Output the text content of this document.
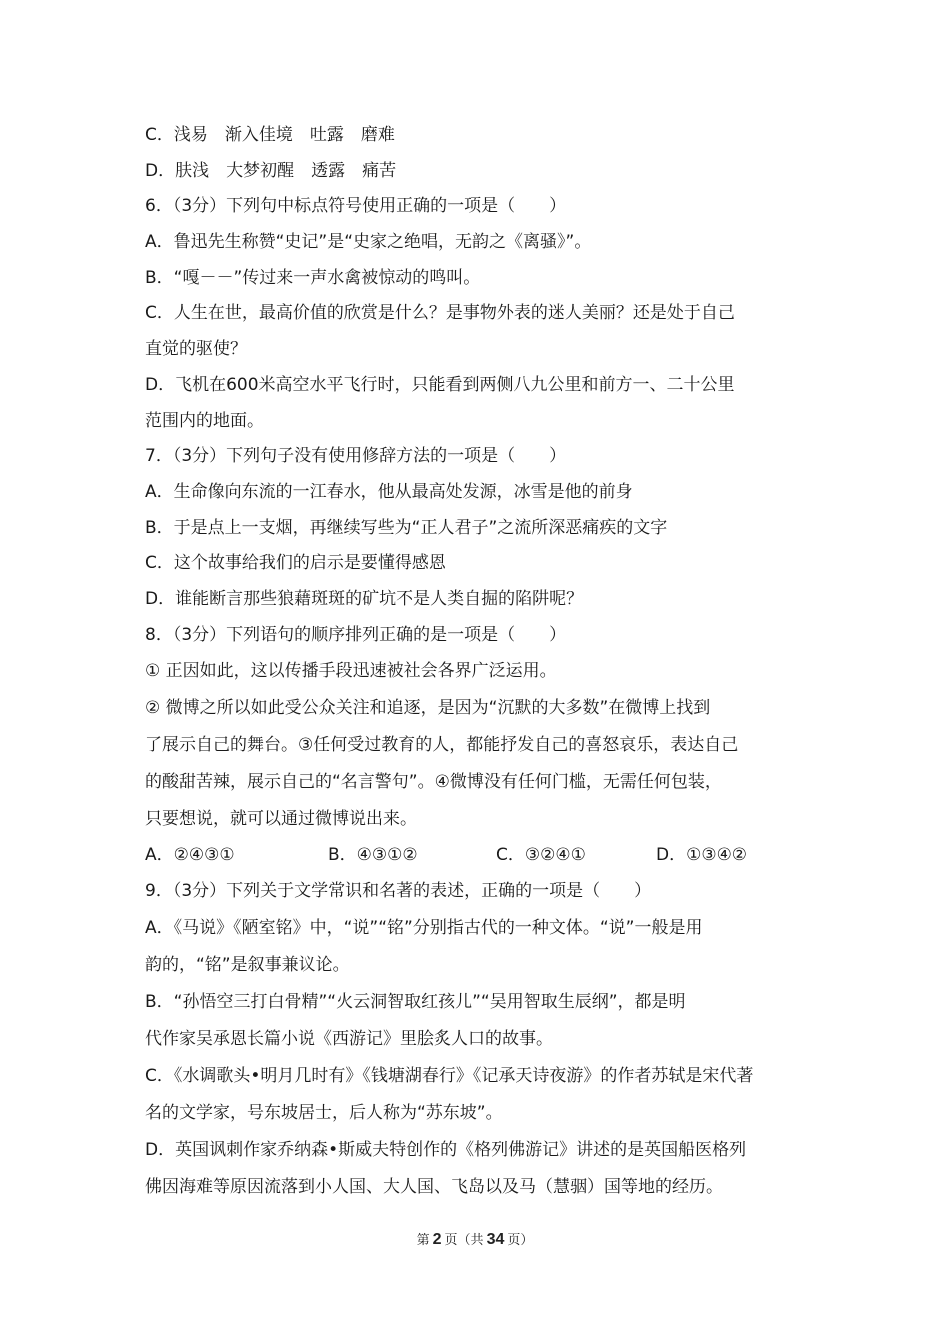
C．浅易　渐入佳境　吐露　磨难
D．肤浅　大梦初醒　透露　痛苦
6．（3分）下列句中标点符号使用正确的一项是（　　）
A．鲁迅先生称赞“史记”是“史家之绝唱，无韵之《离骚》”。
B．“嘎－－”传过来一声水禽被惊动的鸣叫。
C．人生在世，最高价值的欣赏是什么？是事物外表的迷人美丽？还是处于自己
直觉的驱使？
D．飞机在600米高空水平飞行时，只能看到两侧八九公里和前方一、二十公里
范围内的地面。
7．（3分）下列句子没有使用修辞方法的一项是（　　）
A．生命像向东流的一江春水，他从最高处发源，冰雪是他的前身
B．于是点上一支烟，再继续写些为“正人君子”之流所深恶痛疾的文字
C．这个故事给我们的启示是要懂得感恩
D．谁能断言那些狼藉斑斑的矿坑不是人类自掘的陷阱呢？
8．（3分）下列语句的顺序排列正确的是一项是（　　）
① 正因如此，这以传播手段迅速被社会各界广泛运用。
② 微博之所以如此受公众关注和追逐，是因为“沉默的大多数”在微博上找到
了展示自己的舞台。③任何受过教育的人，都能抒发自己的喜怒哀乐，表达自己
的酸甜苦辣，展示自己的“名言警句”。④微博没有任何门槛，无需任何包装，
只要想说，就可以通过微博说出来。
A．②④③①	B．④③①②	C．③②④①	D．①③④②
9．（3分）下列关于文学常识和名著的表述，正确的一项是（　　）
A．《马说》《陋室铭》中，“说”“铭”分别指古代的一种文体。“说”一般是用
韵的，“铭”是叙事兼议论。
B．“孙悟空三打白骨精”“火云洞智取红孩儿”“吴用智取生辰纲”，都是明
代作家吴承恩长篇小说《西游记》里脍炙人口的故事。
C．《水调歌头•明月几时有》《钱塘湖春行》《记承天诗夜游》的作者苏轼是宋代著
名的文学家，号东坡居士，后人称为“苏东坡”。
D．英国讽刺作家乔纳森•斯威夫特创作的《格列佛游记》讲述的是英国船医格列
佛因海难等原因流落到小人国、大人国、飞岛以及马（慧骃）国等地的经历。
第 2 页（共 34 页）
